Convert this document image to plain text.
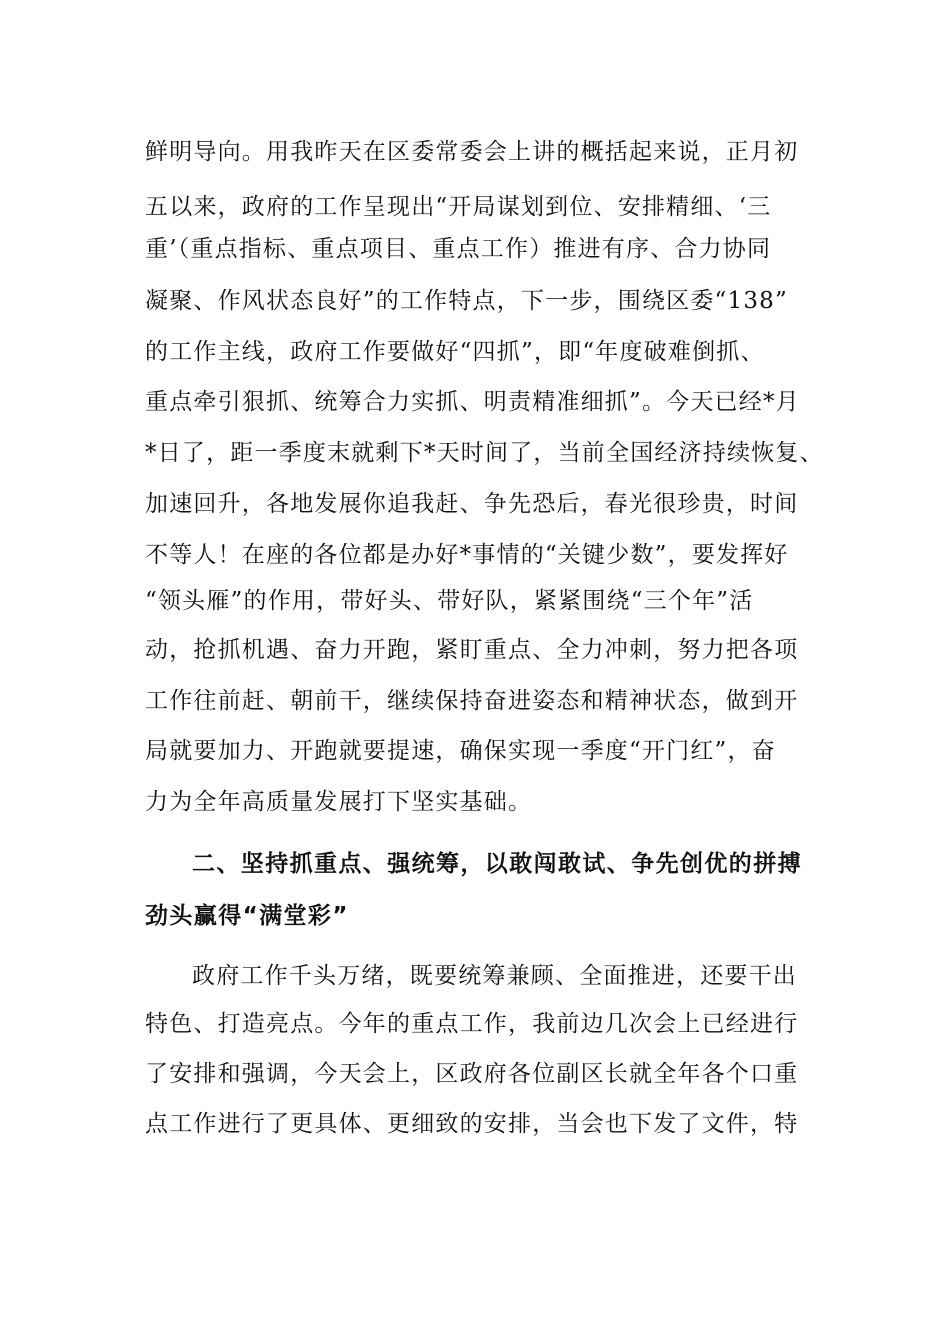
鲜明导向。用我昨天在区委常委会上讲的概括起来说，正月初
五以来，政府的工作呈现出“开局谋划到位、安排精细、‘三
重’（重点指标、重点项目、重点工作）推进有序、合力协同
凝聚、作风状态良好”的工作特点，下一步，围绕区委“138”
的工作主线，政府工作要做好“四抓”，即“年度破难倒抓、
重点牵引狠抓、统筹合力实抓、明责精准细抓”。今天已经*月
*日了，距一季度末就剩下*天时间了，当前全国经济持续恢复、
加速回升，各地发展你追我赶、争先恐后，春光很珍贵，时间
不等人！在座的各位都是办好*事情的“关键少数”，要发挥好
“领头雁”的作用，带好头、带好队，紧紧围绕“三个年”活
动，抢抓机遇、奋力开跑，紧盯重点、全力冲刺，努力把各项
工作往前赶、朝前干，继续保持奋进姿态和精神状态，做到开
局就要加力、开跑就要提速，确保实现一季度“开门红”，奋
力为全年高质量发展打下坚实基础。
二、坚持抓重点、强统筹，以敢闯敢试、争先创优的拼搏
劲头赢得“满堂彩”
政府工作千头万绪，既要统筹兼顾、全面推进，还要干出
特色、打造亮点。今年的重点工作，我前边几次会上已经进行
了安排和强调，今天会上，区政府各位副区长就全年各个口重
点工作进行了更具体、更细致的安排，当会也下发了文件，特
